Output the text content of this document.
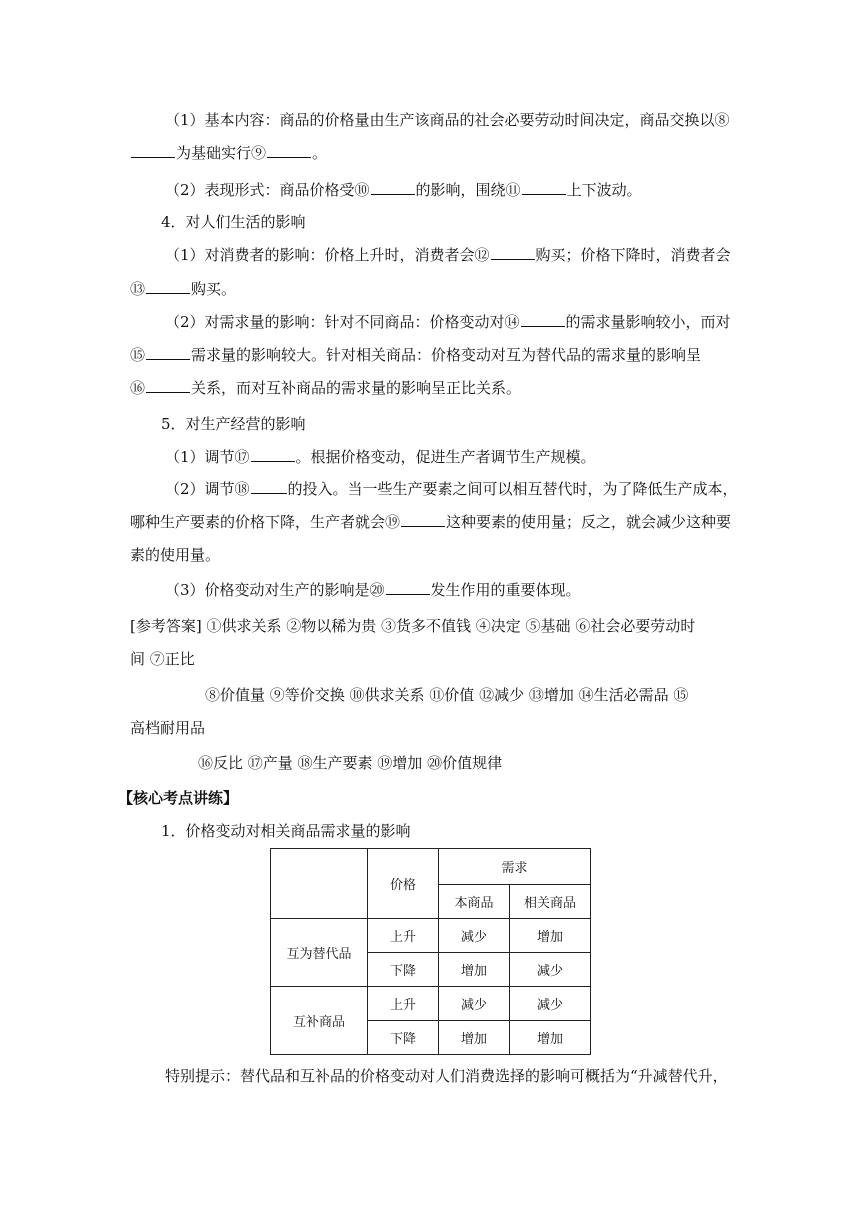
（1）基本内容：商品的价格量由生产该商品的社会必要劳动时间决定，商品交换以⑧
为基础实行⑨	。
（2）表现形式：商品价格受⑩	的影响，围绕⑪	上下波动。
4．对人们生活的影响
（1）对消费者的影响：价格上升时，消费者会⑫	购买；价格下降时，消费者会
⑬	购买。
（2）对需求量的影响：针对不同商品：价格变动对⑭	的需求量影响较小，而对
⑮	需求量的影响较大。针对相关商品：价格变动对互为替代品的需求量的影响呈
⑯	关系，而对互补商品的需求量的影响呈正比关系。
5．对生产经营的影响
（1）调节⑰	。根据价格变动，促进生产者调节生产规模。
（2）调节⑱	的投入。当一些生产要素之间可以相互替代时，为了降低生产成本，
哪种生产要素的价格下降，生产者就会⑲	这种要素的使用量；反之，就会减少这种要
素的使用量。
（3）价格变动对生产的影响是⑳	发生作用的重要体现。
[参考答案] ①供求关系 ②物以稀为贵 ③货多不值钱 ④决定 ⑤基础 ⑥社会必要劳动时
间 ⑦正比
⑧价值量 ⑨等价交换 ⑩供求关系 ⑪价值 ⑫减少 ⑬增加 ⑭生活必需品 ⑮
高档耐用品
⑯反比 ⑰产量 ⑱生产要素 ⑲增加 ⑳价值规律
【核心考点讲练】
1．价格变动对相关商品需求量的影响
	价格	需求	
		本商品	相关商品
互为替代品	上升	减少	增加
	下降	增加	减少
互补商品	上升	减少	减少
	下降	增加	增加
特别提示：替代品和互补品的价格变动对人们消费选择的影响可概括为“升减替代升，
